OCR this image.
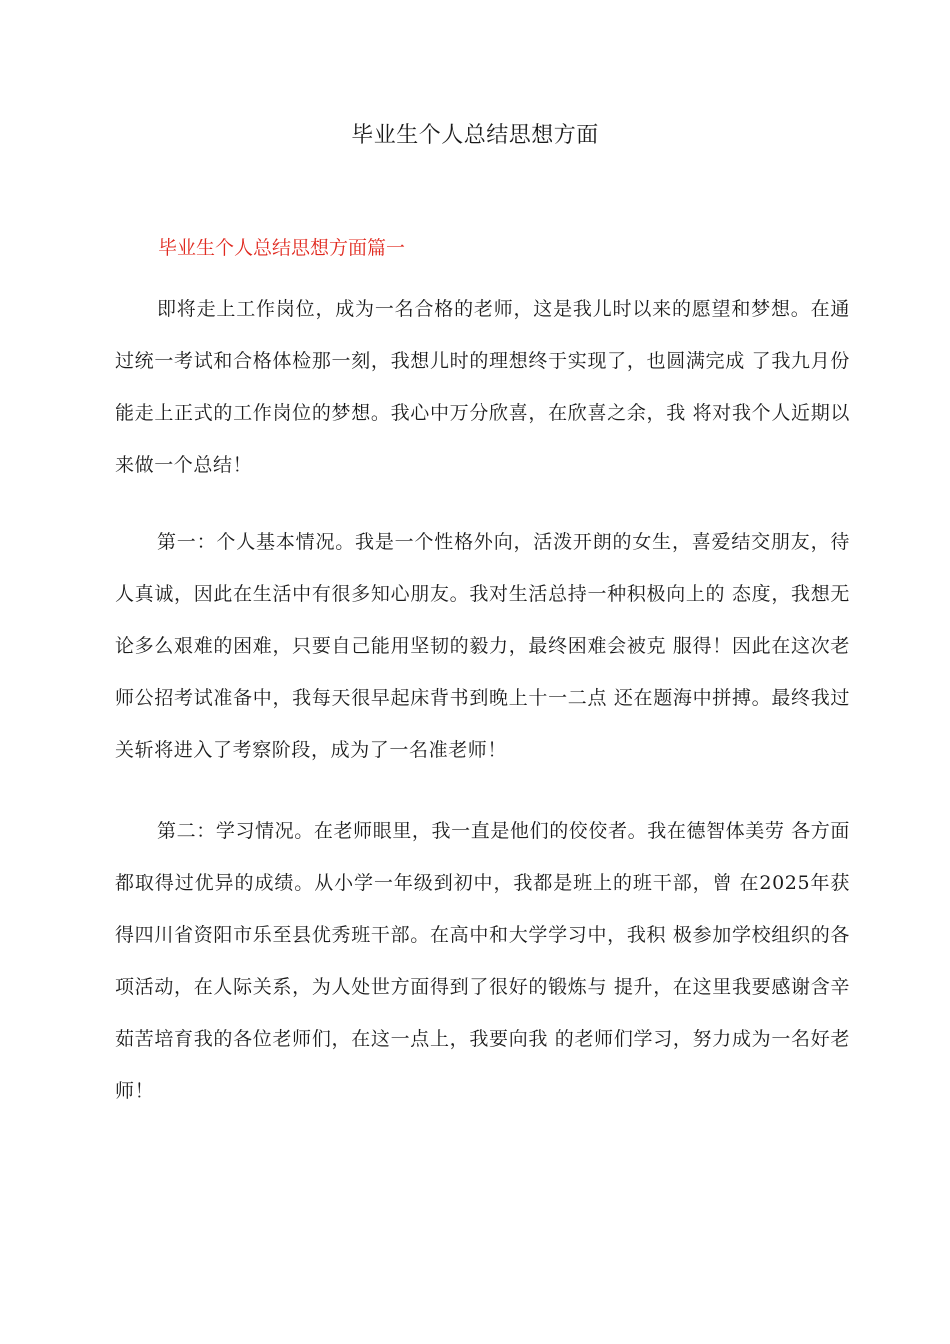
毕业生个人总结思想方面
毕业生个人总结思想方面篇一

即将走上工作岗位，成为一名合格的老师，这是我儿时以来的愿望和梦想。在通过统一考试和合格体检那一刻，我想儿时的理想终于实现了，也圆满完成 了我九月份能走上正式的工作岗位的梦想。我心中万分欣喜，在欣喜之余，我 将对我个人近期以来做一个总结！

第一：个人基本情况。我是一个性格外向，活泼开朗的女生，喜爱结交朋友，待人真诚，因此在生活中有很多知心朋友。我对生活总持一种积极向上的 态度，我想无论多么艰难的困难，只要自己能用坚韧的毅力，最终困难会被克 服得！因此在这次老师公招考试准备中，我每天很早起床背书到晚上十一二点 还在题海中拼搏。最终我过关斩将进入了考察阶段，成为了一名准老师！

第二：学习情况。在老师眼里，我一直是他们的佼佼者。我在德智体美劳 各方面都取得过优异的成绩。从小学一年级到初中，我都是班上的班干部，曾 在2025年获得四川省资阳市乐至县优秀班干部。在高中和大学学习中，我积 极参加学校组织的各项活动，在人际关系，为人处世方面得到了很好的锻炼与 提升，在这里我要感谢含辛茹苦培育我的各位老师们，在这一点上，我要向我 的老师们学习，努力成为一名好老师！
